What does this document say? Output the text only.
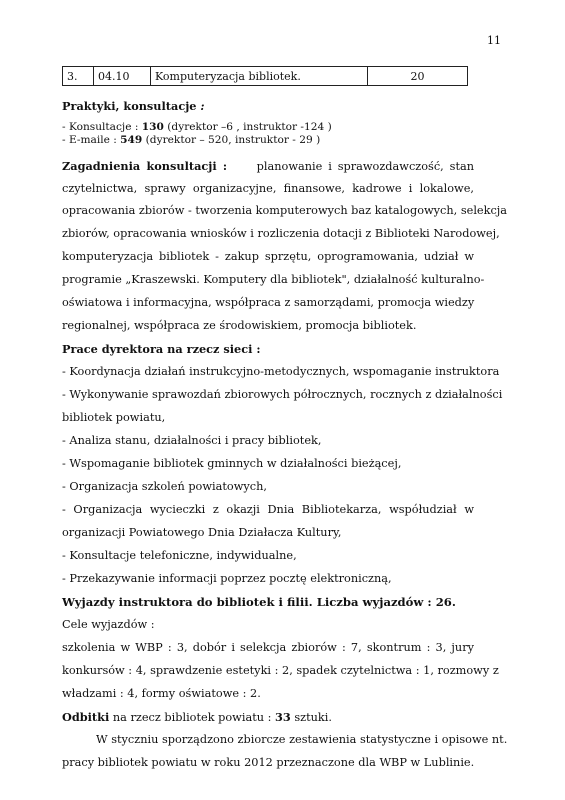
11
3.	04.10	Komputeryzacja bibliotek.	20
Praktyki, konsultacje :
- Konsultacje : 130 (dyrektor –6 , instruktor -124 )
- E-maile : 549 (dyrektor – 520, instruktor - 29 )
Zagadnienia konsultacji :	planowanie i sprawozdawczość, stan
czytelnictwa, sprawy organizacyjne, finansowe, kadrowe i lokalowe,
opracowania zbiorów - tworzenia komputerowych baz katalogowych, selekcja
zbiorów, opracowania wniosków i rozliczenia dotacji z Biblioteki Narodowej,
komputeryzacja bibliotek - zakup sprzętu, oprogramowania, udział w
programie „Kraszewski. Komputery dla bibliotek", działalność kulturalno-
oświatowa i informacyjna, współpraca z samorządami, promocja wiedzy
regionalnej, współpraca ze środowiskiem, promocja bibliotek.
Prace dyrektora na rzecz sieci :
- Koordynacja działań instrukcyjno-metodycznych, wspomaganie instruktora
- Wykonywanie sprawozdań zbiorowych półrocznych, rocznych z działalności
bibliotek powiatu,
- Analiza stanu, działalności i pracy bibliotek,
- Wspomaganie bibliotek gminnych w działalności bieżącej,
- Organizacja szkoleń powiatowych,
- Organizacja wycieczki z okazji Dnia Bibliotekarza, współudział w
organizacji Powiatowego Dnia Działacza Kultury,
- Konsultacje telefoniczne, indywidualne,
- Przekazywanie informacji poprzez pocztę elektroniczną,
Wyjazdy instruktora do bibliotek i filii. Liczba wyjazdów : 26.
Cele wyjazdów :
szkolenia w WBP : 3, dobór i selekcja zbiorów : 7, skontrum : 3, jury
konkursów : 4, sprawdzenie estetyki : 2, spadek czytelnictwa : 1, rozmowy z
władzami : 4, formy oświatowe : 2.
Odbitki na rzecz bibliotek powiatu : 33 sztuki.
W styczniu sporządzono zbiorcze zestawienia statystyczne i opisowe nt.
pracy bibliotek powiatu w roku 2012 przeznaczone dla WBP w Lublinie.
